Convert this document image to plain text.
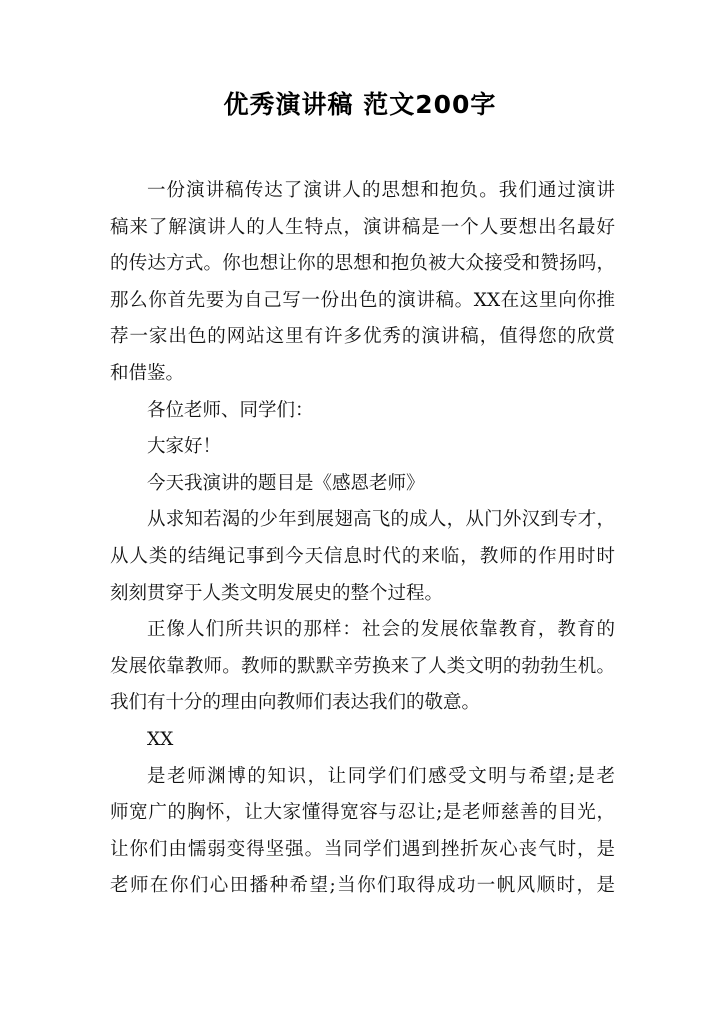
优秀演讲稿 范文200字
一份演讲稿传达了演讲人的思想和抱负。我们通过演讲
稿来了解演讲人的人生特点，演讲稿是一个人要想出名最好
的传达方式。你也想让你的思想和抱负被大众接受和赞扬吗，
那么你首先要为自己写一份出色的演讲稿。XX在这里向你推
荐一家出色的网站这里有许多优秀的演讲稿，值得您的欣赏
和借鉴。
各位老师、同学们：
大家好！
今天我演讲的题目是《感恩老师》
从求知若渴的少年到展翅高飞的成人，从门外汉到专才，
从人类的结绳记事到今天信息时代的来临，教师的作用时时
刻刻贯穿于人类文明发展史的整个过程。
正像人们所共识的那样：社会的发展依靠教育，教育的
发展依靠教师。教师的默默辛劳换来了人类文明的勃勃生机。
我们有十分的理由向教师们表达我们的敬意。
XX
是老师渊博的知识，让同学们们感受文明与希望;是老
师宽广的胸怀，让大家懂得宽容与忍让;是老师慈善的目光，
让你们由懦弱变得坚强。当同学们遇到挫折灰心丧气时，是
老师在你们心田播种希望;当你们取得成功一帆风顺时，是
